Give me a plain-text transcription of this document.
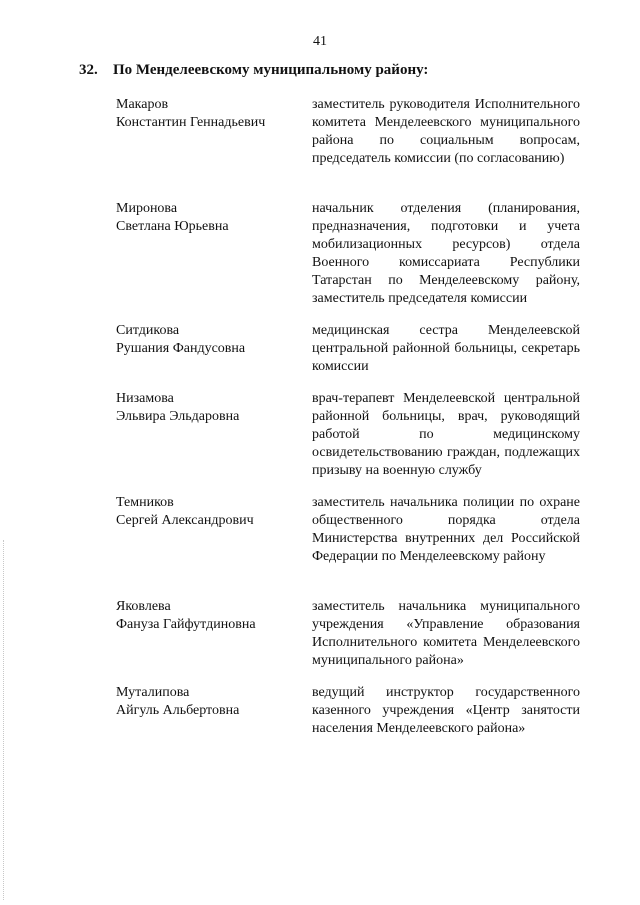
41
32. По Менделеевскому муниципальному району:
Макаров
Константин Геннадьевич
заместитель руководителя Исполнительного комитета Менделеевского муниципального района по социальным вопросам, председатель комиссии (по согласованию)
Миронова
Светлана Юрьевна
начальник отделения (планирования, предназначения, подготовки и учета мобилизационных ресурсов) отдела Военного комиссариата Республики Татарстан по Менделеевскому району, заместитель председателя комиссии
Ситдикова
Рушания Фандусовна
медицинская сестра Менделеевской центральной районной больницы, секретарь комиссии
Низамова
Эльвира Эльдаровна
врач-терапевт Менделеевской центральной районной больницы, врач, руководящий работой по медицинскому освидетельствованию граждан, подлежащих призыву на военную службу
Темников
Сергей Александрович
заместитель начальника полиции по охране общественного порядка отдела Министерства внутренних дел Российской Федерации по Менделеевскому району
Яковлева
Фануза Гайфутдиновна
заместитель начальника муниципального учреждения «Управление образования Исполнительного комитета Менделеевского муниципального района»
Муталипова
Айгуль Альбертовна
ведущий инструктор государственного казенного учреждения «Центр занятости населения Менделеевского района»
